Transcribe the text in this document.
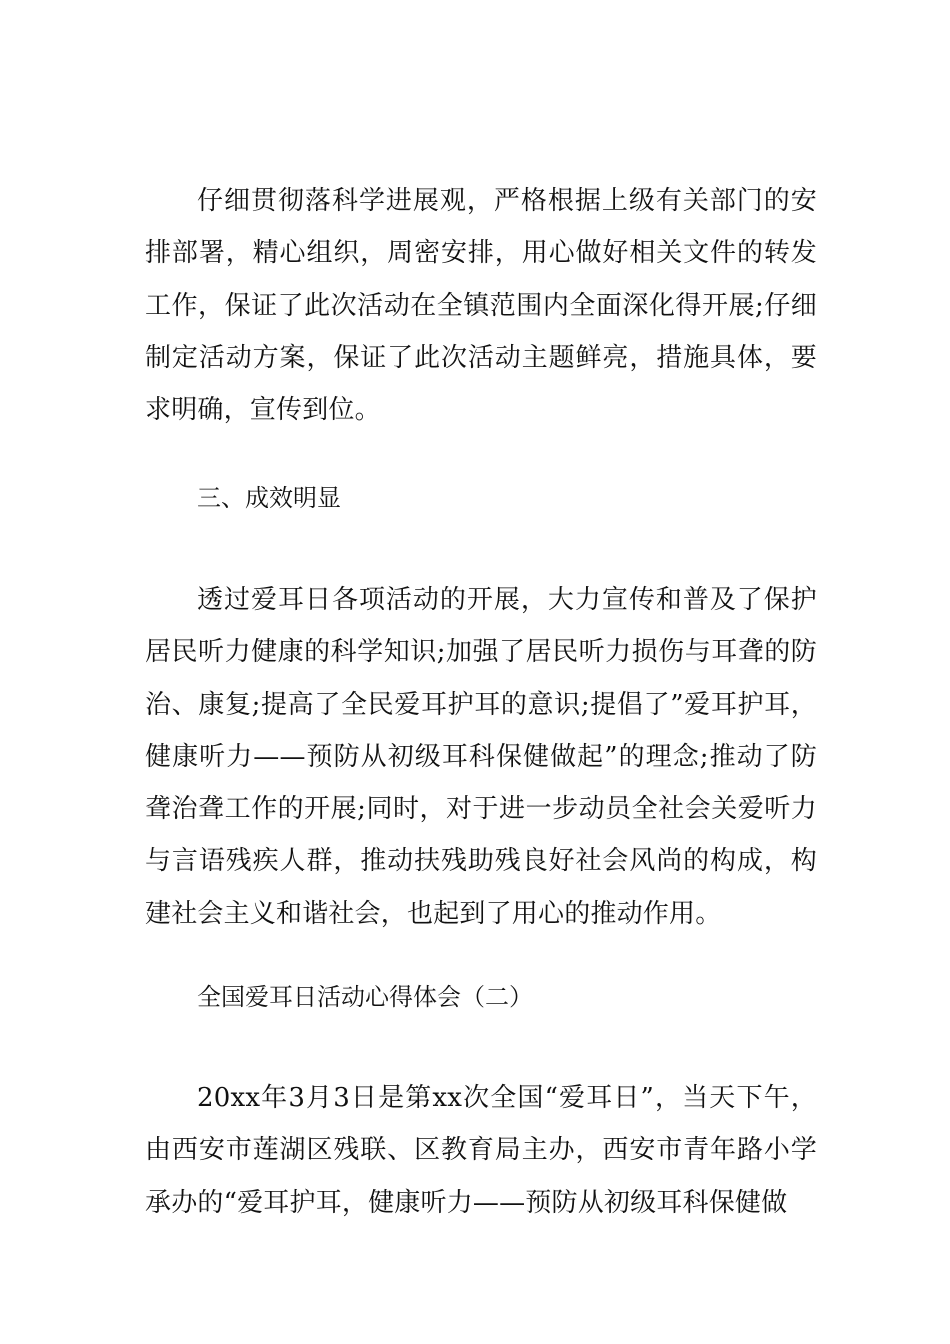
仔细贯彻落科学进展观，严格根据上级有关部门的安排部署，精心组织，周密安排，用心做好相关文件的转发工作，保证了此次活动在全镇范围内全面深化得开展;仔细制定活动方案，保证了此次活动主题鲜亮，措施具体，要求明确，宣传到位。

三、成效明显

透过爱耳日各项活动的开展，大力宣传和普及了保护居民听力健康的科学知识;加强了居民听力损伤与耳聋的防治、康复;提高了全民爱耳护耳的意识;提倡了”爱耳护耳，健康听力——预防从初级耳科保健做起”的理念;推动了防聋治聋工作的开展;同时，对于进一步动员全社会关爱听力与言语残疾人群，推动扶残助残良好社会风尚的构成，构建社会主义和谐社会，也起到了用心的推动作用。

全国爱耳日活动心得体会（二）

20xx年3月3日是第xx次全国“爱耳日”，当天下午，由西安市莲湖区残联、区教育局主办，西安市青年路小学承办的“爱耳护耳，健康听力——预防从初级耳科保健做
